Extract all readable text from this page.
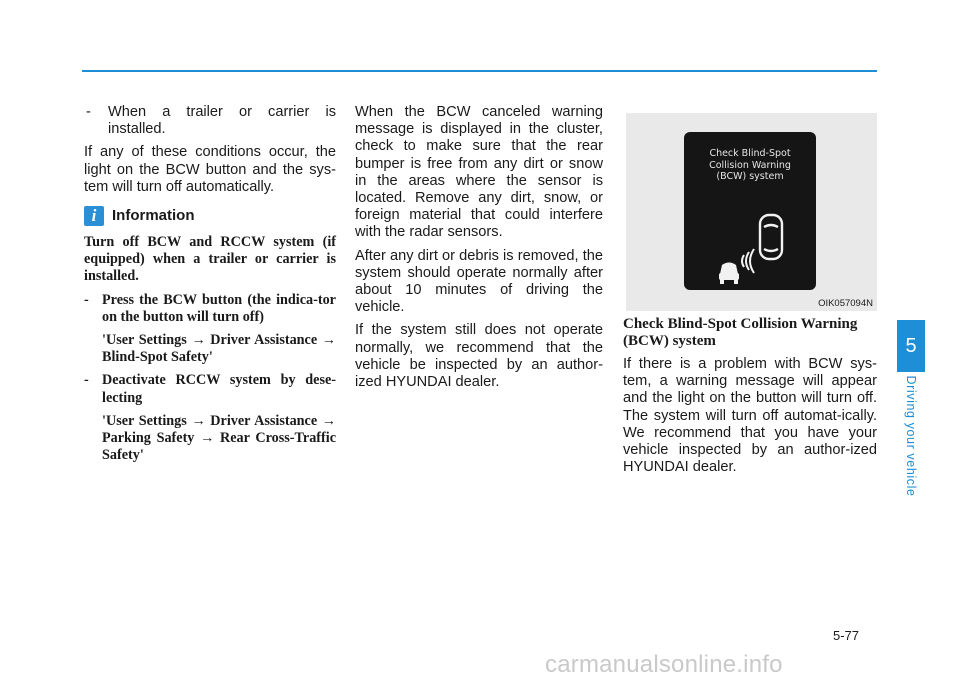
-	When a trailer or carrier is installed.

If any of these conditions occur, the light on the BCW button and the sys-tem will turn off automatically.

i	Information

Turn off BCW and RCCW system (if equipped) when a trailer or carrier is installed.

- Press the BCW button (the indica-tor on the button will turn off)
'User Settings → Driver Assistance → Blind-Spot Safety'
- Deactivate RCCW system by dese-lecting
'User Settings → Driver Assistance → Parking Safety → Rear Cross-Traffic Safety'

When the BCW canceled warning message is displayed in the cluster, check to make sure that the rear bumper is free from any dirt or snow in the areas where the sensor is located. Remove any dirt, snow, or foreign material that could interfere with the radar sensors.

After any dirt or debris is removed, the system should operate normally after about 10 minutes of driving the vehicle.

If the system still does not operate normally, we recommend that the vehicle be inspected by an author-ized HYUNDAI dealer.

Check Blind-Spot
Collision Warning
(BCW) system
OIK057094N
Check Blind-Spot Collision Warning (BCW) system

If there is a problem with BCW sys-tem, a warning message will appear and the light on the button will turn off. The system will turn off automat-ically. We recommend that you have your vehicle inspected by an author-ized HYUNDAI dealer.

5
Driving your vehicle
5-77
carmanualsonline.info
